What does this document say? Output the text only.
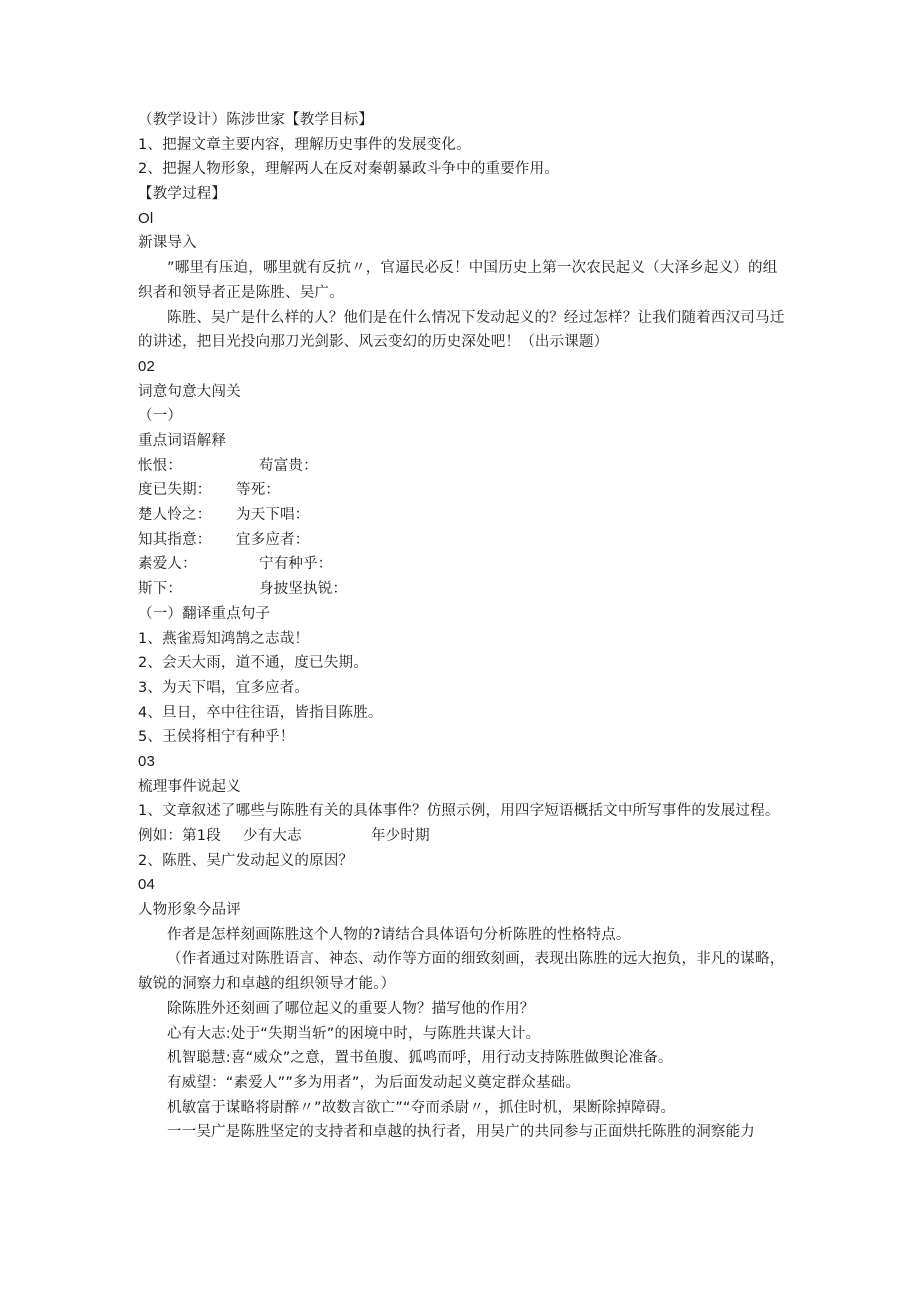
（教学设计）陈涉世家【教学目标】
1、把握文章主要内容，理解历史事件的发展变化。
2、把握人物形象，理解两人在反对秦朝暴政斗争中的重要作用。
【教学过程】
Ol
新课导入
”哪里有压迫，哪里就有反抗〃，官逼民必反！中国历史上第一次农民起义（大泽乡起义）的组织者和领导者正是陈胜、吴广。
陈胜、吴广是什么样的人？他们是在什么情况下发动起义的？经过怎样？让我们随着西汉司马迁的讲述，把目光投向那刀光剑影、风云变幻的历史深处吧！（出示课题）
02
词意句意大闯关
（一）
重点词语解释
怅恨：	苟富贵：
度已失期： 等死：
楚人怜之： 为天下唱：
知其指意： 宜多应者：
素爱人：	宁有种乎：
斯下：	身披坚执锐：
（一）翻译重点句子
1、燕雀焉知鸿鹄之志哉！
2、会天大雨，道不通，度已失期。
3、为天下唱，宜多应者。
4、旦日，卒中往往语，皆指目陈胜。
5、王侯将相宁有种乎！
03
梳理事件说起义
1、文章叙述了哪些与陈胜有关的具体事件？仿照示例，用四字短语概括文中所写事件的发展过程。
例如：第1段 少有大志	年少时期
2、陈胜、吴广发动起义的原因？
04
人物形象今品评
作者是怎样刻画陈胜这个人物的?请结合具体语句分析陈胜的性格特点。
（作者通过对陈胜语言、神态、动作等方面的细致刻画，表现出陈胜的远大抱负，非凡的谋略，敏锐的洞察力和卓越的组织领导才能。）
除陈胜外还刻画了哪位起义的重要人物？描写他的作用？
心有大志:处于“失期当斩”的困境中时，与陈胜共谋大计。
机智聪慧:喜“威众”之意，置书鱼腹、狐鸣而呼，用行动支持陈胜做舆论准备。
有威望：“素爱人””多为用者”，为后面发动起义奠定群众基础。
机敏富于谋略将尉醉〃”故数言欲亡”“夺而杀尉〃，抓住时机，果断除掉障碍。
一一吴广是陈胜坚定的支持者和卓越的执行者，用吴广的共同参与正面烘托陈胜的洞察能力
